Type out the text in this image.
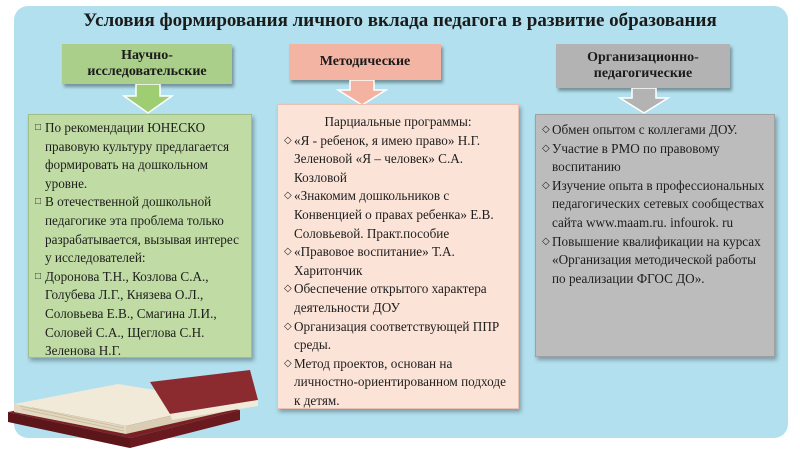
Условия формирования личного вклада педагога в развитие образования
Научно-исследовательские
Методические	Организационно-педагогические
□ По рекомендации ЮНЕСКО правовую культуру предлагается формировать на дошкольном уровне.
□ В отечественной дошкольной педагогике эта проблема только разрабатывается, вызывая интерес у исследователей:
□ Доронова Т.Н., Козлова С.А., Голубева Л.Г., Князева О.Л., Соловьева Е.В., Смагина Л.И., Соловей С.А., Щеглова С.Н. Зеленова Н.Г.
Парциальные программы:
◇ «Я - ребенок, я имею право» Н.Г. Зеленовой «Я – человек» С.А. Козловой
◇ «Знакомим дошкольников с Конвенцией о правах ребенка» Е.В. Соловьевой. Практ.пособие
◇ «Правовое воспитание» Т.А. Харитончик
◇ Обеспечение открытого характера деятельности ДОУ
◇ Организация соответствующей ППР среды.
◇ Метод проектов, основан на личностно-ориентированном подходе к детям.
◇ Обмен опытом с коллегами ДОУ.
◇ Участие в РМО по правовому воспитанию
◇ Изучение опыта в профессиональных педагогических сетевых сообществах сайта www.maam.ru. infourok. ru
◇ Повышение квалификации на курсах «Организация методической работы по реализации ФГОС ДО».
